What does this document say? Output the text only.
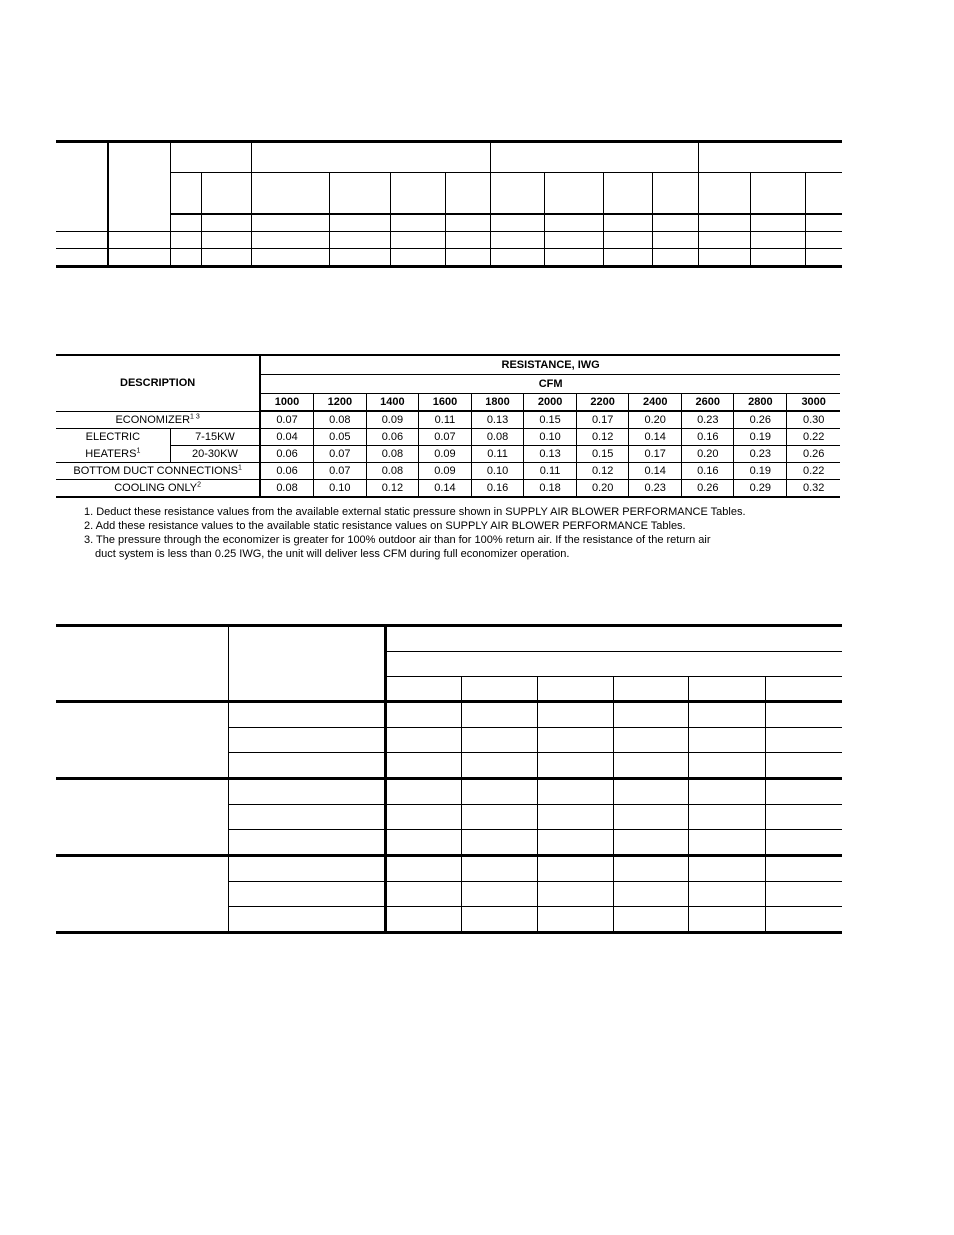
DESCRIPTION		RESISTANCE, IWG										
		CFM										
		1000	1200	1400	1600	1800	2000	2200	2400	2600	2800	3000
$ECONOMIZER^{1 3}$		0.07	0.08	0.09	0.11	0.13	0.15	0.17	0.20	0.23	0.26	0.30
ELECTRIC	7-15KW	0.04	0.05	0.06	0.07	0.08	0.10	0.12	0.14	0.16	0.19	0.22
HEATERS$^1$	20-30KW	0.06	0.07	0.08	0.09	0.11	0.13	0.15	0.17	0.20	0.23	0.26
BOTTOM DUCT CONNECTIONS$^1$		0.06	0.07	0.08	0.09	0.10	0.11	0.12	0.14	0.16	0.19	0.22
COOLING ONLY$^2$		0.08	0.10	0.12	0.14	0.16	0.18	0.20	0.23	0.26	0.29	0.32
1. Deduct these resistance values from the available external static pressure shown in SUPPLY AIR BLOWER PERFORMANCE Tables.
2. Add these resistance values to the available static resistance values on SUPPLY AIR BLOWER PERFORMANCE Tables.
3. The pressure through the economizer is greater for 100% outdoor air than for 100% return air. If the resistance of the return air
duct system is less than 0.25 IWG, the unit will deliver less CFM during full economizer operation.
